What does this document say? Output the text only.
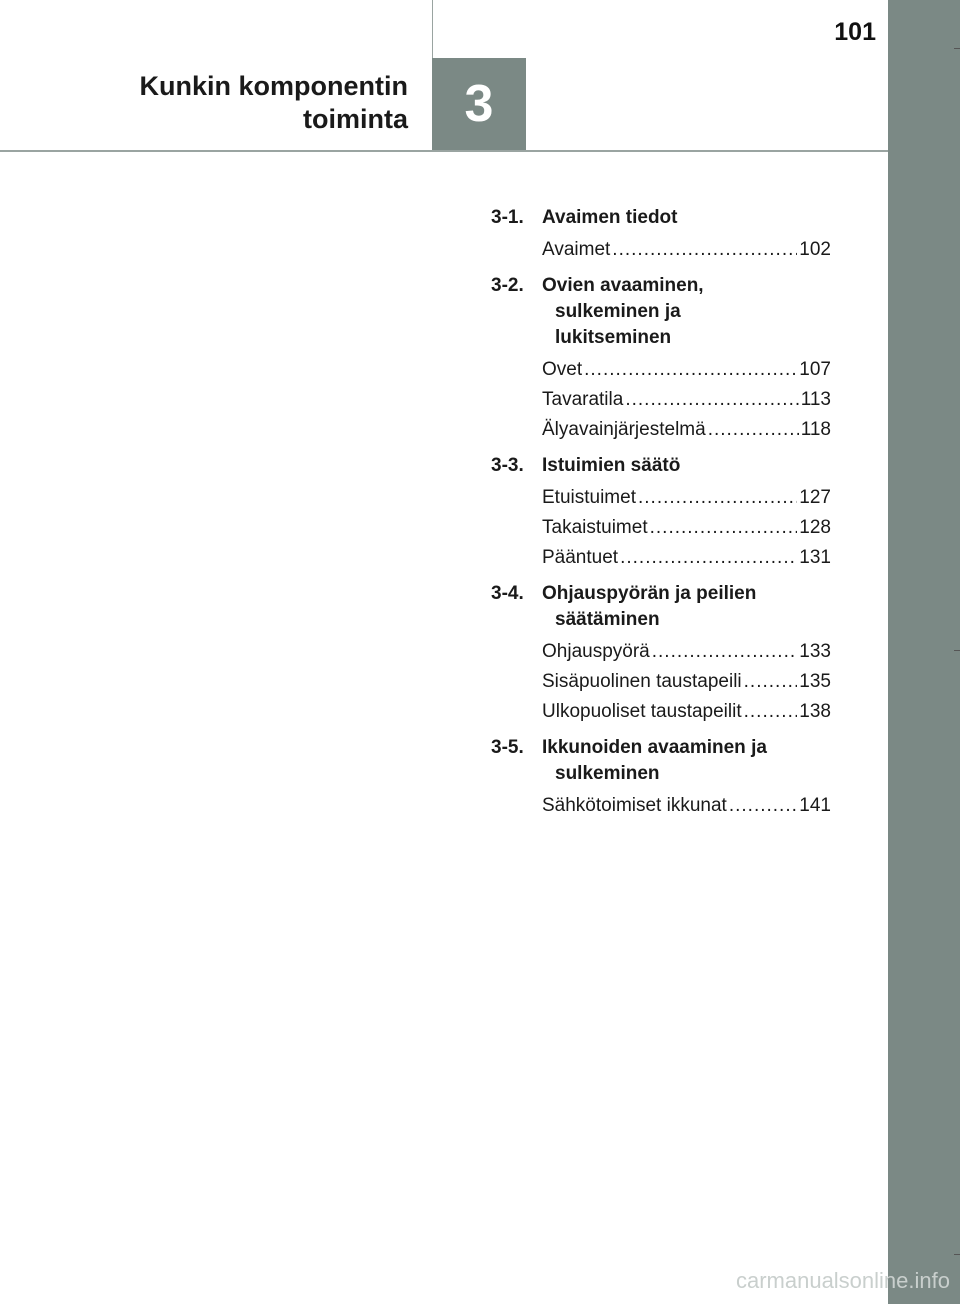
101
Kunkin komponentin
toiminta	3
3-1. Avaimen tiedot
Avaimet .....	102
3-2. Ovien avaaminen,
sulkeminen ja
lukitseminen
Ovet .....	107
Tavaratila .....	113
Älyavainjärjestelmä .....	118
3-3. Istuimien säätö
Etuistuimet .....	127
Takaistuimet .....	128
Pääntuet .....	131
3-4. Ohjauspyörän ja peilien
säätäminen
Ohjauspyörä .....	133
Sisäpuolinen taustapeili .....	135
Ulkopuoliset taustapeilit .....	138
3-5. Ikkunoiden avaaminen ja
sulkeminen
Sähkötoimiset ikkunat .....	141
carmanualsonline.info
